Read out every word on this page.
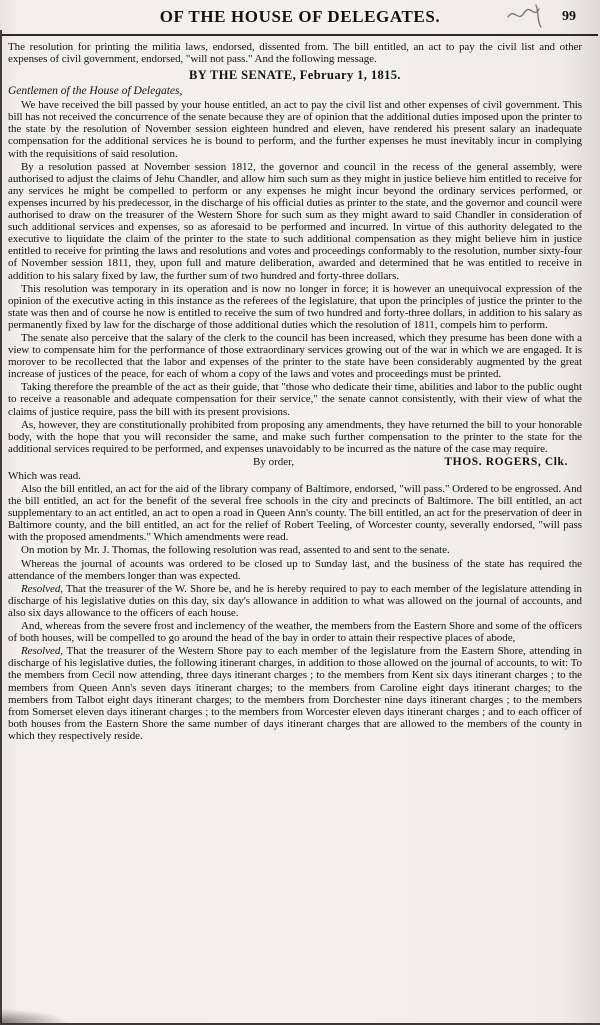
OF THE HOUSE OF DELEGATES.	99

The resolution for printing the militia laws, endorsed, dissented from. The bill entitled, an act to pay the civil list and other expenses of civil government, endorsed, "will not pass." And the following message.

BY THE SENATE, February 1, 1815.

Gentlemen of the House of Delegates,

We have received the bill passed by your house entitled, an act to pay the civil list and other expenses of civil government. This bill has not received the concurrence of the senate because they are of opinion that the additional duties imposed upon the printer to the state by the resolution of November session eighteen hundred and eleven, have rendered his present salary an inadequate compensation for the additional services he is bound to perform, and the further expenses he must inevitably incur in complying with the requisitions of said resolution.

By a resolution passed at November session 1812, the governor and council in the recess of the general assembly, were authorised to adjust the claims of Jehu Chandler, and allow him such sum as they might in justice believe him entitled to receive for any services he might be compelled to perform or any expenses he might incur beyond the ordinary services performed, or expenses incurred by his predecessor, in the discharge of his official duties as printer to the state, and the governor and council were authorised to draw on the treasurer of the Western Shore for such sum as they might award to said Chandler in consideration of such additional services and expenses, so as aforesaid to be performed and incurred. In virtue of this authority delegated to the executive to liquidate the claim of the printer to the state to such additional compensation as they might believe him in justice entitled to receive for printing the laws and resolutions and votes and proceedings conformably to the resolution, number sixty-four of November session 1811, they, upon full and mature deliberation, awarded and determined that he was entitled to receive in addition to his salary fixed by law, the further sum of two hundred and forty-three dollars.

This resolution was temporary in its operation and is now no longer in force; it is however an unequivocal expression of the opinion of the executive acting in this instance as the referees of the legislature, that upon the principles of justice the printer to the state was then and of course he now is entitled to receive the sum of two hundred and forty-three dollars, in addition to his salary as permanently fixed by law for the discharge of those additional duties which the resolution of 1811, compels him to perform.

The senate also perceive that the salary of the clerk to the council has been increased, which they presume has been done with a view to compensate him for the performance of those extraordinary services growing out of the war in which we are engaged. It is morover to be recollected that the labor and expenses of the printer to the state have been considerably augmented by the great increase of justices of the peace, for each of whom a copy of the laws and votes and proceedings must be printed.

Taking therefore the preamble of the act as their guide, that "those who dedicate their time, abilities and labor to the public ought to receive a reasonable and adequate compensation for their service," the senate cannot consistently, with their view of what the claims of justice require, pass the bill with its present provisions.

As, however, they are constitutionally prohibited from proposing any amendments, they have returned the bill to your honorable body, with the hope that you will reconsider the same, and make such further compensation to the printer to the state for the additional services required to be performed, and expenses unavoidably to be incurred as the nature of the case may require.

By order,	THOS. ROGERS, Clk.

Which was read.

Also the bill entitled, an act for the aid of the library company of Baltimore, endorsed, "will pass." Ordered to be engrossed. And the bill entitled, an act for the benefit of the several free schools in the city and precincts of Baltimore. The bill entitled, an act supplementary to an act entitled, an act to open a road in Queen Ann's county. The bill entitled, an act for the preservation of deer in Baltimore county, and the bill entitled, an act for the relief of Robert Teeling, of Worcester county, severally endorsed, "will pass with the proposed amendments." Which amendments were read.

On motion by Mr. J. Thomas, the following resolution was read, assented to and sent to the senate.

Whereas the journal of acounts was ordered to be closed up to Sunday last, and the business of the state has required the attendance of the members longer than was expected.

Resolved, That the treasurer of the W. Shore be, and he is hereby required to pay to each member of the legislature attending in discharge of his legislative duties on this day, six day's allowance in addition to what was allowed on the journal of accounts, and also six days allowance to the officers of each house.

And, whereas from the severe frost and inclemency of the weather, the members from the Eastern Shore and some of the officers of both houses, will be compelled to go around the head of the bay in order to attain their respective places of abode,

Resolved, That the treasurer of the Western Shore pay to each member of the legislature from the Eastern Shore, attending in discharge of his legislative duties, the following itinerant charges, in addition to those allowed on the journal of accounts, to wit: To the members from Cecil now attending, three days itinerant charges ; to the members from Kent six days itinerant charges ; to the members from Queen Ann's seven days itinerant charges; to the members from Caroline eight days itinerant charges; to the members from Talbot eight days itinerant charges; to the members from Dorchester nine days itinerant charges ; to the members from Somerset eleven days itinerant charges ; to the members from Worcester eleven days itinerant charges ; and to each officer of both houses from the Eastern Shore the same number of days itinerant charges that are allowed to the members of the county in which they respectively reside.
